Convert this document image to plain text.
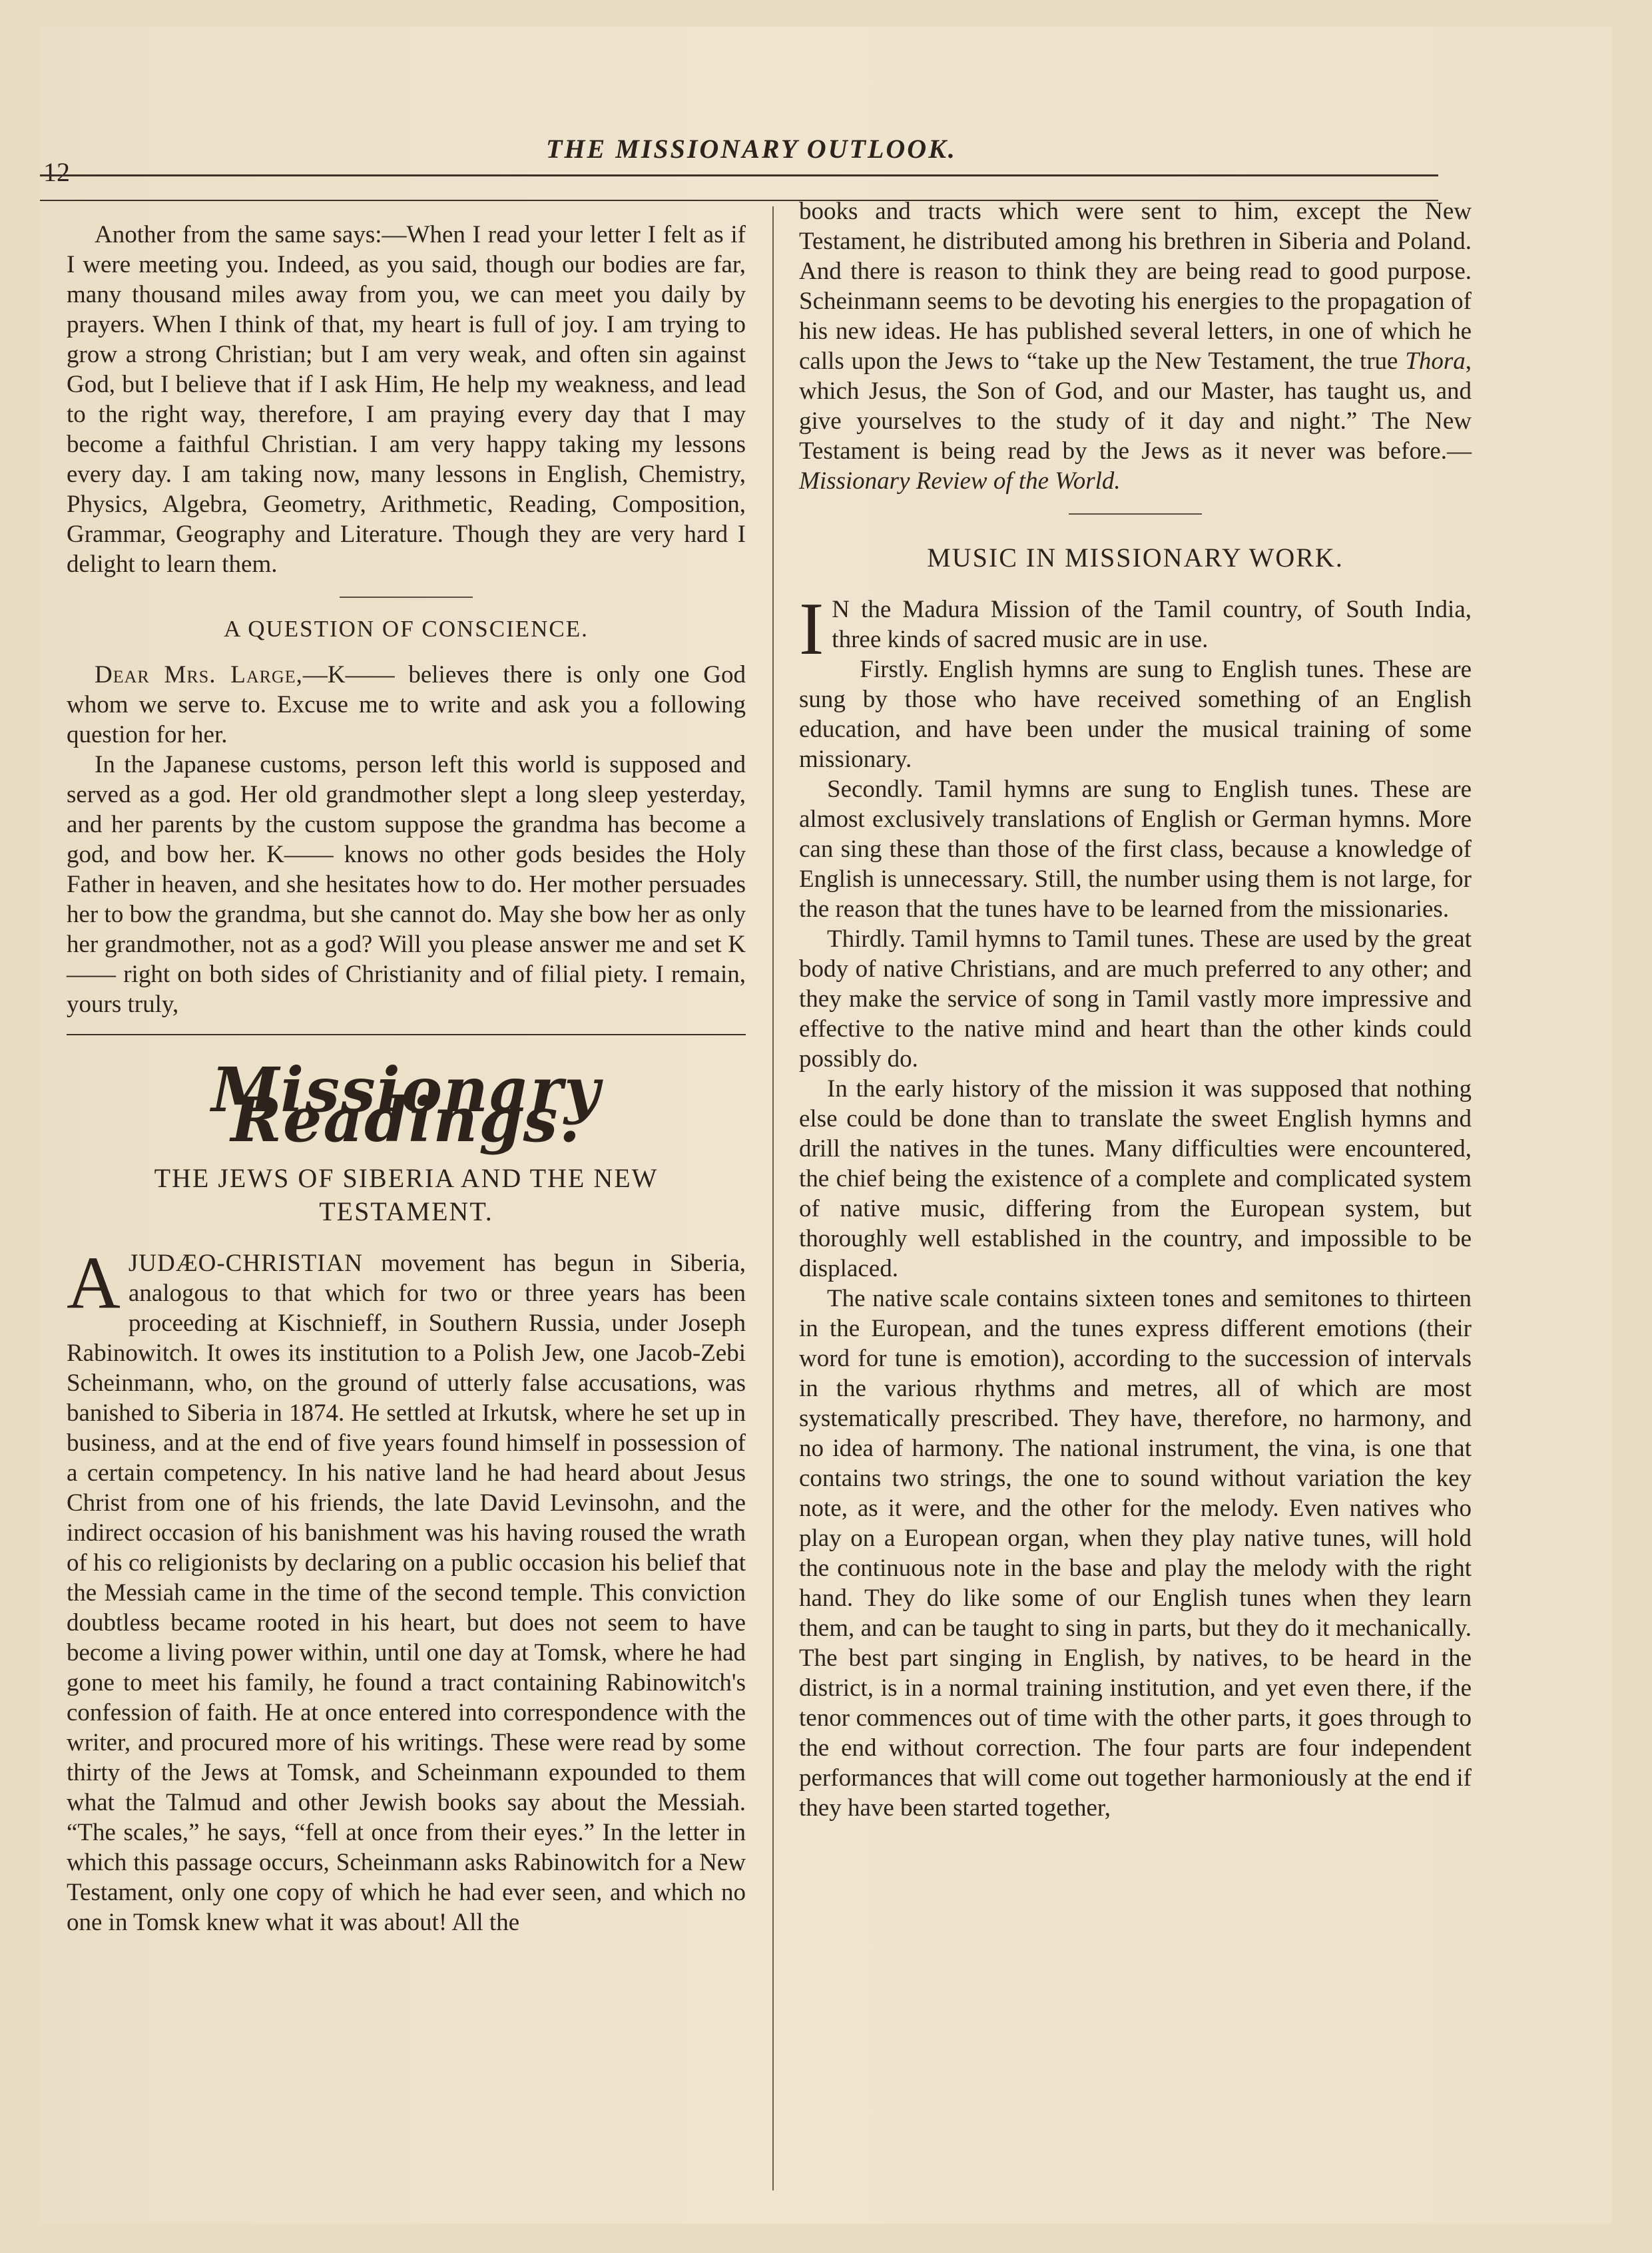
12
THE MISSIONARY OUTLOOK.

Another from the same says:—When I read your letter I felt as if I were meeting you. Indeed, as you said, though our bodies are far, many thousand miles away from you, we can meet you daily by prayers. When I think of that, my heart is full of joy. I am trying to grow a strong Christian; but I am very weak, and often sin against God, but I believe that if I ask Him, He help my weakness, and lead to the right way, therefore, I am praying every day that I may become a faithful Christian. I am very happy taking my lessons every day. I am taking now, many lessons in English, Chemistry, Physics, Algebra, Geometry, Arithmetic, Reading, Composition, Grammar, Geography and Literature. Though they are very hard I delight to learn them.

A QUESTION OF CONSCIENCE.

Dear Mrs. Large,—K—— believes there is only one God whom we serve to. Excuse me to write and ask you a following question for her.

In the Japanese customs, person left this world is supposed and served as a god. Her old grandmother slept a long sleep yesterday, and her parents by the custom suppose the grandma has become a god, and bow her. K—— knows no other gods besides the Holy Father in heaven, and she hesitates how to do. Her mother persuades her to bow the grandma, but she cannot do. May she bow her as only her grandmother, not as a god? Will you please answer me and set K—— right on both sides of Christianity and of filial piety. I remain, yours truly,

Missionary Readings.
THE JEWS OF SIBERIA AND THE NEW TESTAMENT.

AJUDÆO-CHRISTIAN movement has begun in Siberia, analogous to that which for two or three years has been proceeding at Kischnieff, in Southern Russia, under Joseph Rabinowitch. It owes its institution to a Polish Jew, one Jacob-Zebi Scheinmann, who, on the ground of utterly false accusations, was banished to Siberia in 1874. He settled at Irkutsk, where he set up in business, and at the end of five years found himself in possession of a certain competency. In his native land he had heard about Jesus Christ from one of his friends, the late David Levinsohn, and the indirect occasion of his banishment was his having roused the wrath of his co religionists by declaring on a public occasion his belief that the Messiah came in the time of the second temple. This conviction doubtless became rooted in his heart, but does not seem to have become a living power within, until one day at Tomsk, where he had gone to meet his family, he found a tract containing Rabinowitch's confession of faith. He at once entered into correspondence with the writer, and procured more of his writings. These were read by some thirty of the Jews at Tomsk, and Scheinmann expounded to them what the Talmud and other Jewish books say about the Messiah. “The scales,” he says, “fell at once from their eyes.” In the letter in which this passage occurs, Scheinmann asks Rabinowitch for a New Testament, only one copy of which he had ever seen, and which no one in Tomsk knew what it was about! All the

books and tracts which were sent to him, except the New Testament, he distributed among his brethren in Siberia and Poland. And there is reason to think they are being read to good purpose. Scheinmann seems to be devoting his energies to the propagation of his new ideas. He has published several letters, in one of which he calls upon the Jews to “take up the New Testament, the true Thora, which Jesus, the Son of God, and our Master, has taught us, and give yourselves to the study of it day and night.” The New Testament is being read by the Jews as it never was before.—Missionary Review of the World.

MUSIC IN MISSIONARY WORK.

I N the Madura Mission of the Tamil country, of South India, three kinds of sacred music are in use.

Firstly. English hymns are sung to English tunes. These are sung by those who have received something of an English education, and have been under the musical training of some missionary.

Secondly. Tamil hymns are sung to English tunes. These are almost exclusively translations of English or German hymns. More can sing these than those of the first class, because a knowledge of English is unnecessary. Still, the number using them is not large, for the reason that the tunes have to be learned from the missionaries.

Thirdly. Tamil hymns to Tamil tunes. These are used by the great body of native Christians, and are much preferred to any other; and they make the service of song in Tamil vastly more impressive and effective to the native mind and heart than the other kinds could possibly do.

In the early history of the mission it was supposed that nothing else could be done than to translate the sweet English hymns and drill the natives in the tunes. Many difficulties were encountered, the chief being the existence of a complete and complicated system of native music, differing from the European system, but thoroughly well established in the country, and impossible to be displaced.

The native scale contains sixteen tones and semitones to thirteen in the European, and the tunes express different emotions (their word for tune is emotion), according to the succession of intervals in the various rhythms and metres, all of which are most systematically prescribed. They have, therefore, no harmony, and no idea of harmony. The national instrument, the vina, is one that contains two strings, the one to sound without variation the key note, as it were, and the other for the melody. Even natives who play on a European organ, when they play native tunes, will hold the continuous note in the base and play the melody with the right hand. They do like some of our English tunes when they learn them, and can be taught to sing in parts, but they do it mechanically. The best part singing in English, by natives, to be heard in the district, is in a normal training institution, and yet even there, if the tenor commences out of time with the other parts, it goes through to the end without correction. The four parts are four independent performances that will come out together harmoniously at the end if they have been started together,
